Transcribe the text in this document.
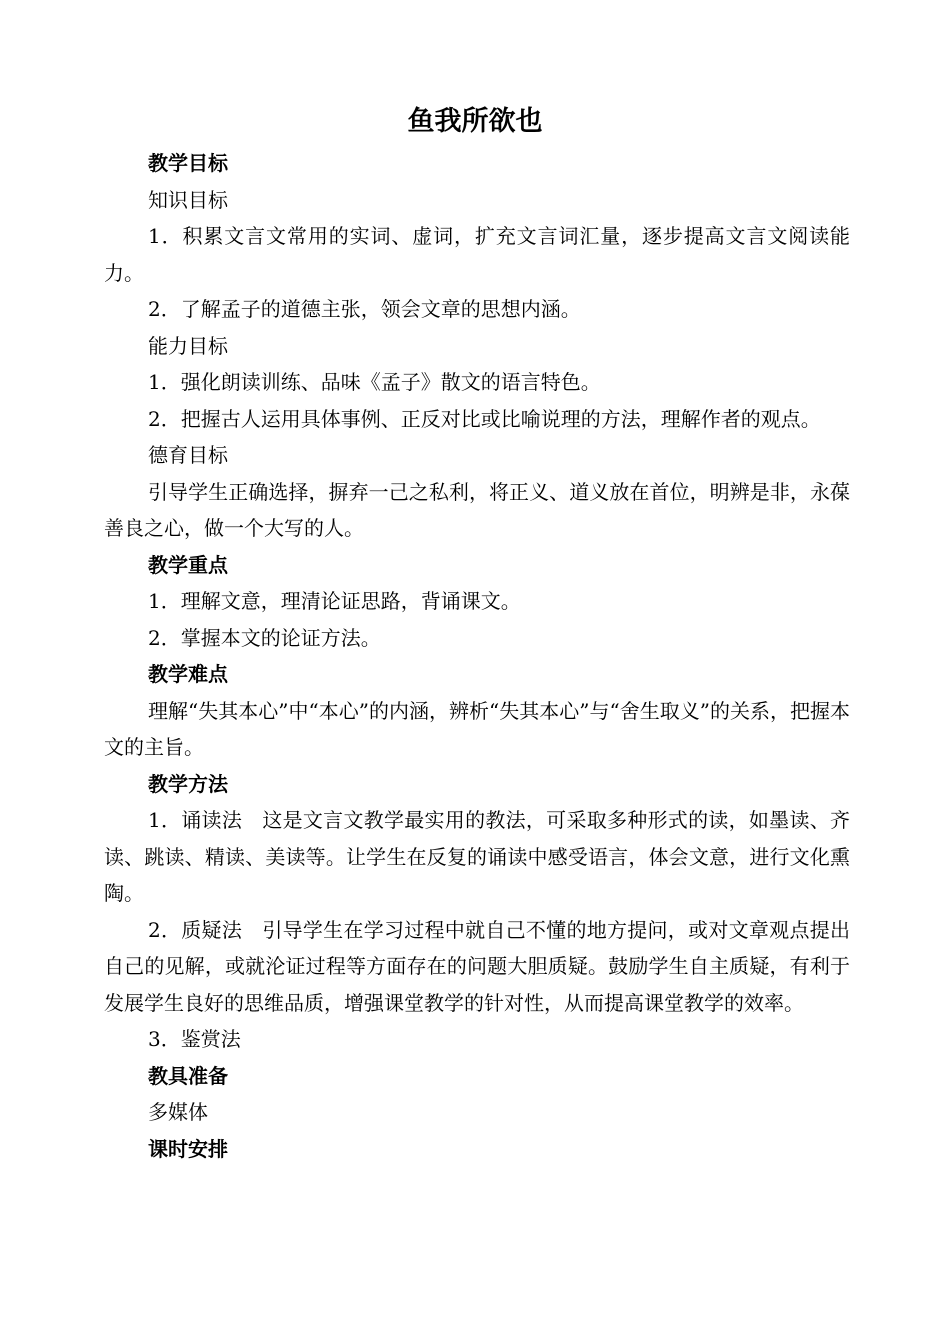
鱼我所欲也

教学目标

知识目标

1．积累文言文常用的实词、虚词，扩充文言词汇量，逐步提高文言文阅读能力。

2．了解孟子的道德主张，领会文章的思想内涵。

能力目标

1．强化朗读训练、品味《孟子》散文的语言特色。

2．把握古人运用具体事例、正反对比或比喻说理的方法，理解作者的观点。

德育目标

引导学生正确选择，摒弃一己之私利，将正义、道义放在首位，明辨是非，永葆善良之心，做一个大写的人。

教学重点

1．理解文意，理清论证思路，背诵课文。

2．掌握本文的论证方法。

教学难点

理解“失其本心”中“本心”的内涵，辨析“失其本心”与“舍生取义”的关系，把握本文的主旨。

教学方法

1．诵读法　这是文言文教学最实用的教法，可采取多种形式的读，如墨读、齐读、跳读、精读、美读等。让学生在反复的诵读中感受语言，体会文意，进行文化熏陶。

2．质疑法　引导学生在学习过程中就自己不懂的地方提问，或对文章观点提出自己的见解，或就沦证过程等方面存在的问题大胆质疑。鼓励学生自主质疑，有利于发展学生良好的思维品质，增强课堂教学的针对性，从而提高课堂教学的效率。

3．鉴赏法

教具准备

多媒体

课时安排
